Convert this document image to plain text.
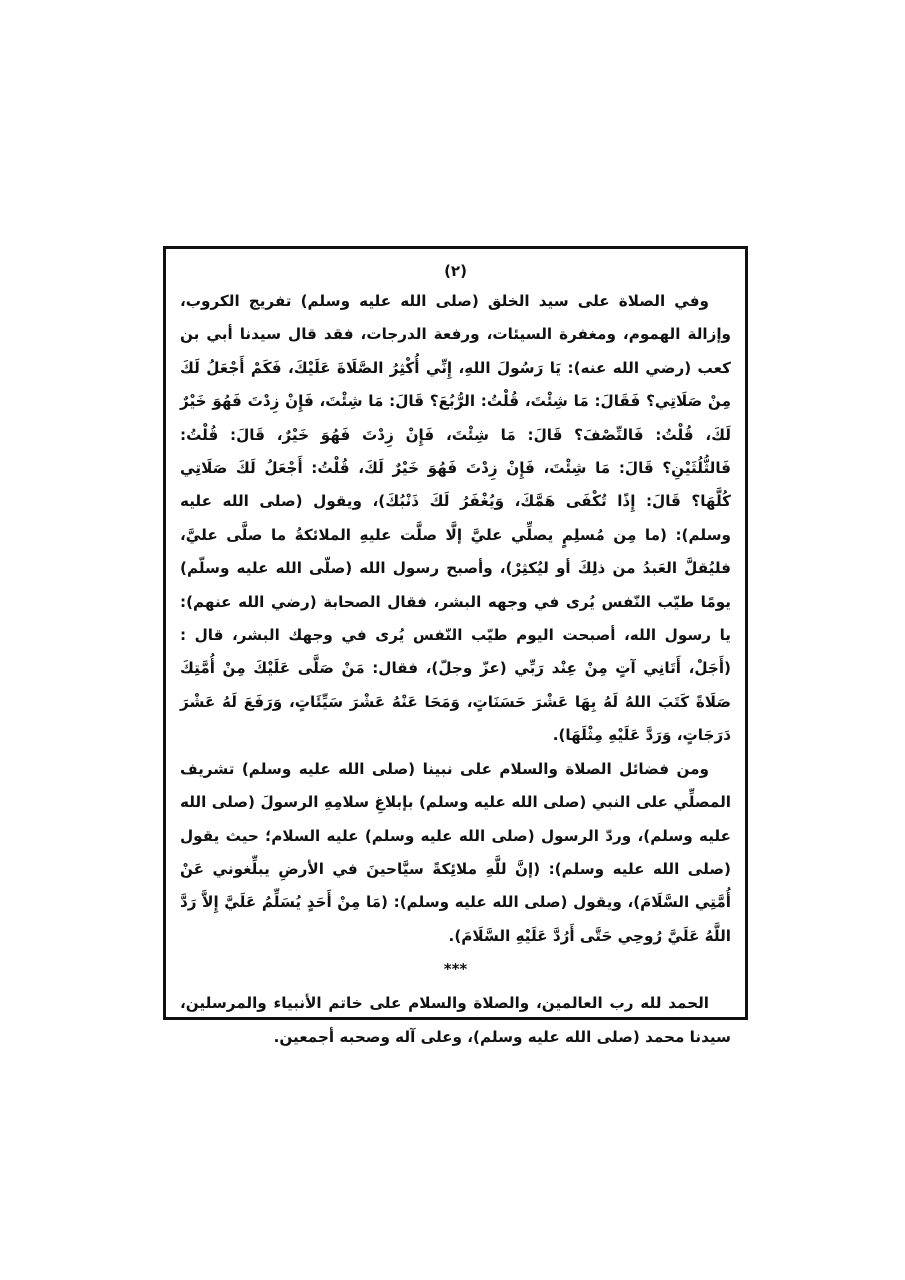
(٢)

وفي الصلاة على سيد الخلق (صلى الله عليه وسلم) تفريج الكروب، وإزالة الهموم، ومغفرة السيئات، ورفعة الدرجات، فقد قال سيدنا أبي بن كعب (رضي الله عنه): يَا رَسُولَ اللهِ، إِنِّي أُكْثِرُ الصَّلَاةَ عَلَيْكَ، فَكَمْ أَجْعَلُ لَكَ مِنْ صَلَاتِي؟ فَقَالَ: مَا شِئْتَ، قُلْتُ: الرُّبُعَ؟ قَالَ: مَا شِئْتَ، فَإِنْ زِدْتَ فَهُوَ خَيْرٌ لَكَ، قُلْتُ: فَالنِّصْفَ؟ قَالَ: مَا شِئْتَ، فَإِنْ زِدْتَ فَهُوَ خَيْرٌ، قَالَ: قُلْتُ: فَالثُّلُثَيْنِ؟ قَالَ: مَا شِئْتَ، فَإِنْ زِدْتَ فَهُوَ خَيْرٌ لَكَ، قُلْتُ: أَجْعَلُ لَكَ صَلَاتِي كُلَّهَا؟ قَالَ: إِذًا تُكْفَى هَمَّكَ، وَيُغْفَرُ لَكَ ذَنْبُكَ)، ويقول (صلى الله عليه وسلم): (ما مِن مُسلِمٍ يصلِّي عليَّ إلَّا صلَّت عليهِ الملائكةُ ما صلَّى عليَّ، فليُقلَّ العَبدُ من ذلِكَ أو ليُكثِرْ)، وأصبح رسول الله (صلّى الله عليه وسلّم) يومًا طيّب النّفس يُرى في وجهه البشر، فقال الصحابة (رضي الله عنهم): يا رسول الله، أصبحت اليوم طيّب النّفس يُرى في وجهك البشر، قال : (أَجَلْ، أَتَانِي آتٍ مِنْ عِنْد رَبِّي (عزّ وجلّ)، فقال: مَنْ صَلَّى عَلَيْكَ مِنْ أُمَّتِكَ صَلَاةً كَتَبَ اللهُ لَهُ بِهَا عَشْرَ حَسَنَاتٍ، وَمَحَا عَنْهُ عَشْرَ سَيِّئَاتٍ، وَرَفَعَ لَهُ عَشْرَ دَرَجَاتٍ، وَرَدَّ عَلَيْهِ مِثْلَهَا).

ومن فضائل الصلاة والسلام على نبينا (صلى الله عليه وسلم) تشريف المصلِّي على النبي (صلى الله عليه وسلم) بإبلاغِ سلامِهِ الرسولَ (صلى الله عليه وسلم)، وردّ الرسول (صلى الله عليه وسلم) عليه السلام؛ حيث يقول (صلى الله عليه وسلم): (إنَّ للَّهِ ملائِكةً سيَّاحينَ في الأرضِ يبلِّغوني عَنْ أُمَّتِي السَّلَامَ)، ويقول (صلى الله عليه وسلم): (مَا مِنْ أَحَدٍ يُسَلِّمُ عَلَيَّ إِلاَّ رَدَّ اللَّهُ عَلَيَّ رُوحِي حَتَّى أَرُدَّ عَلَيْهِ السَّلَامَ).

***

الحمد لله رب العالمين، والصلاة والسلام على خاتم الأنبياء والمرسلين، سيدنا محمد (صلى الله عليه وسلم)، وعلى آله وصحبه أجمعين.
